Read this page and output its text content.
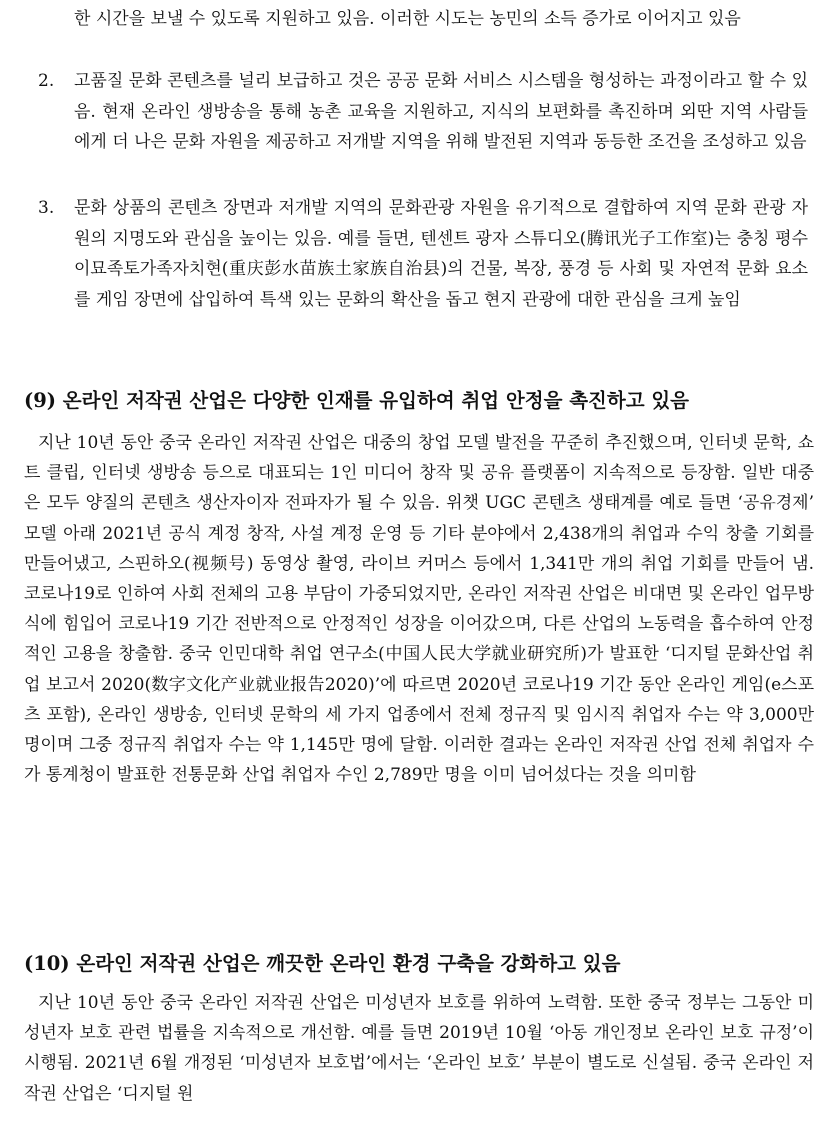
한 시간을 보낼 수 있도록 지원하고 있음. 이러한 시도는 농민의 소득 증가로 이어지고 있음
2. 고품질 문화 콘텐츠를 널리 보급하고 것은 공공 문화 서비스 시스템을 형성하는 과정이라고 할 수 있음. 현재 온라인 생방송을 통해 농촌 교육을 지원하고, 지식의 보편화를 촉진하며 외딴 지역 사람들에게 더 나은 문화 자원을 제공하고 저개발 지역을 위해 발전된 지역과 동등한 조건을 조성하고 있음
3. 문화 상품의 콘텐츠 장면과 저개발 지역의 문화관광 자원을 유기적으로 결합하여 지역 문화 관광 자원의 지명도와 관심을 높이는 있음. 예를 들면, 텐센트 광자 스튜디오(腾讯光子工作室)는 충칭 평수이묘족토가족자치현(重庆彭水苗族土家族自治县)의 건물, 복장, 풍경 등 사회 및 자연적 문화 요소를 게임 장면에 삽입하여 특색 있는 문화의 확산을 돕고 현지 관광에 대한 관심을 크게 높임
(9) 온라인 저작권 산업은 다양한 인재를 유입하여 취업 안정을 촉진하고 있음
지난 10년 동안 중국 온라인 저작권 산업은 대중의 창업 모델 발전을 꾸준히 추진했으며, 인터넷 문학, 쇼트 클립, 인터넷 생방송 등으로 대표되는 1인 미디어 창작 및 공유 플랫폼이 지속적으로 등장함. 일반 대중은 모두 양질의 콘텐츠 생산자이자 전파자가 될 수 있음. 위챗 UGC 콘텐츠 생태계를 예로 들면 ‘공유경제’ 모델 아래 2021년 공식 계정 창작, 사설 계정 운영 등 기타 분야에서 2,438개의 취업과 수익 창출 기회를 만들어냈고, 스핀하오(视频号) 동영상 촬영, 라이브 커머스 등에서 1,341만 개의 취업 기회를 만들어 냄. 코로나19로 인하여 사회 전체의 고용 부담이 가중되었지만, 온라인 저작권 산업은 비대면 및 온라인 업무방식에 힘입어 코로나19 기간 전반적으로 안정적인 성장을 이어갔으며, 다른 산업의 노동력을 흡수하여 안정적인 고용을 창출함. 중국 인민대학 취업 연구소(中国人民大学就业研究所)가 발표한 ‘디지털 문화산업 취업 보고서 2020(数字文化产业就业报告2020)’에 따르면 2020년 코로나19 기간 동안 온라인 게임(e스포츠 포함), 온라인 생방송, 인터넷 문학의 세 가지 업종에서 전체 정규직 및 임시직 취업자 수는 약 3,000만 명이며 그중 정규직 취업자 수는 약 1,145만 명에 달함. 이러한 결과는 온라인 저작권 산업 전체 취업자 수가 통계청이 발표한 전통문화 산업 취업자 수인 2,789만 명을 이미 넘어섰다는 것을 의미함
(10) 온라인 저작권 산업은 깨끗한 온라인 환경 구축을 강화하고 있음
지난 10년 동안 중국 온라인 저작권 산업은 미성년자 보호를 위하여 노력함. 또한 중국 정부는 그동안 미성년자 보호 관련 법률을 지속적으로 개선함. 예를 들면 2019년 10월 ‘아동 개인정보 온라인 보호 규정’이 시행됨. 2021년 6월 개정된 ‘미성년자 보호법’에서는 ‘온라인 보호’ 부분이 별도로 신설됨. 중국 온라인 저작권 산업은 ‘디지털 원
